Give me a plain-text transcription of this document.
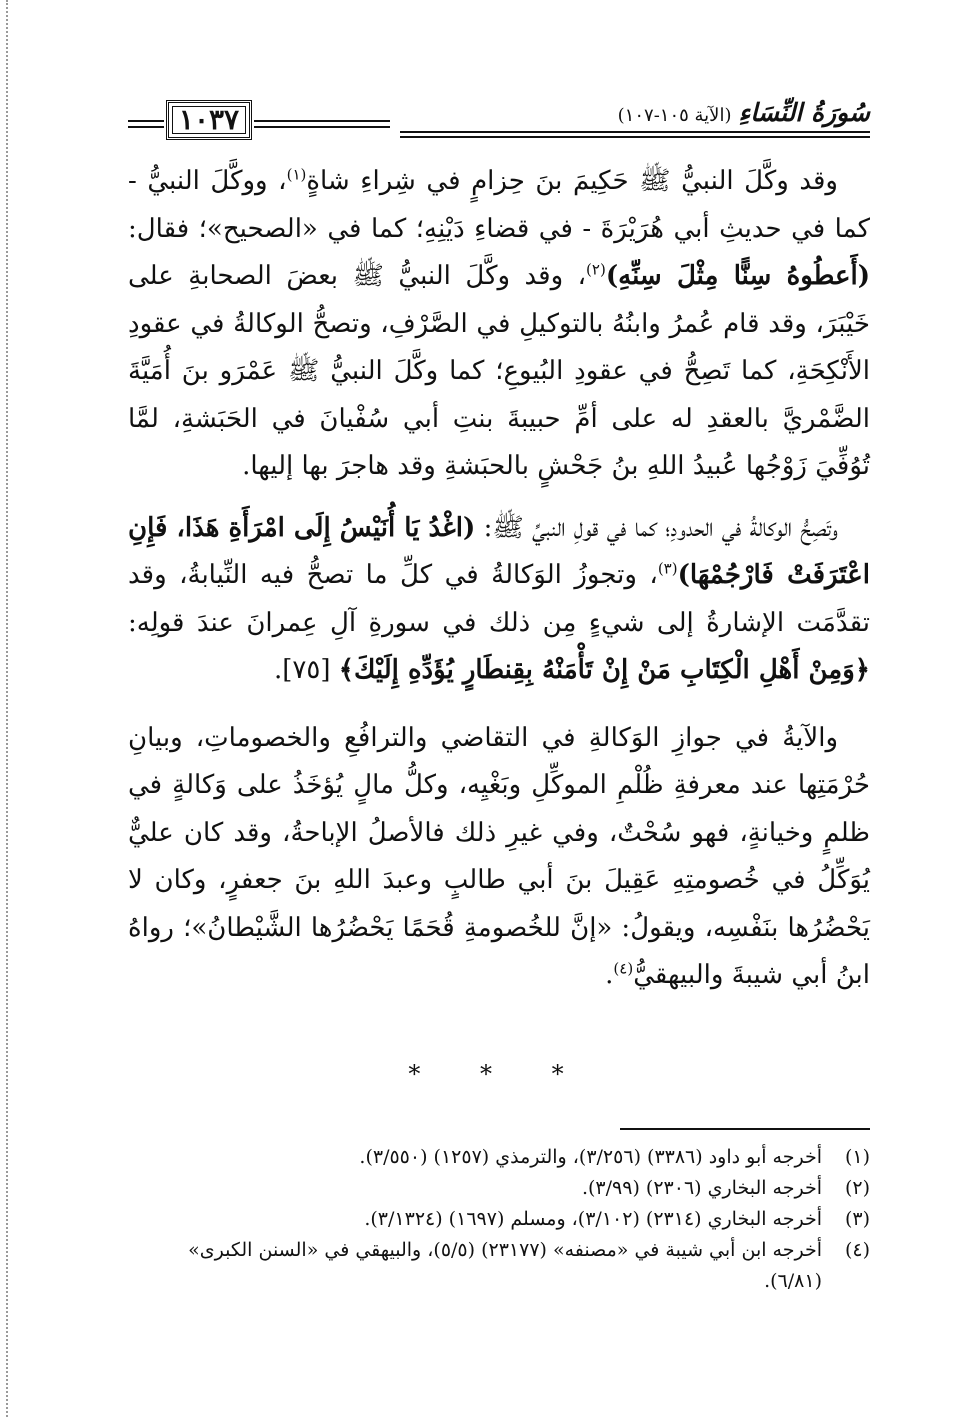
سُورَةُ النِّسَاءِ (الآية ١٠٥-١٠٧)
١٠٣٧

وقد وكَّلَ النبيُّ ﷺ حَكِيمَ بنَ حِزامٍ في شِراءِ شاةٍ$^{(١)}$، ووكَّلَ النبيُّ - كما في حديثِ أبي هُرَيْرَةَ - في قضاءِ دَيْنِهِ؛ كما في «الصحيح»؛ فقال: (أَعطُوهُ سِنًّا مِثْلَ سِنِّهِ)$^{(٢)}$، وقد وكَّلَ النبيُّ ﷺ بعضَ الصحابةِ على خَيْبَرَ، وقد قام عُمرُ وابنُهُ بالتوكيلِ في الصَّرْفِ، وتصحُّ الوكالةُ في عقودِ الأَنْكِحَةِ، كما تَصِحُّ في عقودِ البُيوعِ؛ كما وكَّلَ النبيُّ ﷺ عَمْرَو بنَ أُمَيَّةَ الضَّمْريَّ بالعقدِ له على أمِّ حبيبةَ بنتِ أبي سُفْيانَ في الحَبَشةِ، لمَّا تُوُفِّيَ زَوْجُها عُبيدُ اللهِ بنُ جَحْشٍ بالحبَشةِ وقد هاجرَ بها إليها.

وتَصِحُّ الوكالةُ في الحدودِ؛ كما في قولِ النبيِّ ﷺ: (اغْدُ يَا أُنَيْسُ إِلَى امْرَأَةِ هَذَا، فَإِنِ اعْتَرَفَتْ فَارْجُمْهَا)$^{(٣)}$، وتجوزُ الوَكالةُ في كلِّ ما تصحُّ فيه النِّيابةُ، وقد تقدَّمَت الإشارةُ إلى شيءٍ مِن ذلك في سورةِ آلِ عِمرانَ عندَ قولِه: ﴿وَمِنْ أَهْلِ الْكِتَابِ مَنْ إِنْ تَأْمَنْهُ بِقِنطَارٍ يُؤَدِّهِ إِلَيْكَ﴾ [٧٥].

والآيةُ في جوازِ الوَكالةِ في التقاضي والترافُعِ والخصوماتِ، وبيانِ حُرْمَتِها عند معرفةِ ظُلْمِ الموكِّلِ وبَغْيِه، وكلُّ مالٍ يُؤخَذُ على وَكالةٍ في ظلمٍ وخيانةٍ، فهو سُحْتٌ، وفي غيرِ ذلك فالأصلُ الإباحةُ، وقد كان عليٌّ يُوَكِّلُ في خُصومتِهِ عَقِيلَ بنَ أبي طالبٍ وعبدَ اللهِ بنَ جعفرٍ، وكان لا يَحْضُرُها بنَفْسِه، ويقولُ: «إنَّ للخُصومةِ قُحَمًا يَحْضُرُها الشَّيْطانُ»؛ رواهُ ابنُ أبي شيبةَ والبيهقيُّ$^{(٤)}$.

* * *

(١)
أخرجه أبو داود (٣٣٨٦) (٣/٢٥٦)، والترمذي (١٢٥٧) (٣/٥٥٠).

(٢)
أخرجه البخاري (٢٣٠٦) (٣/٩٩).

(٣)
أخرجه البخاري (٢٣١٤) (٣/١٠٢)، ومسلم (١٦٩٧) (٣/١٣٢٤).

(٤)
أخرجه ابن أبي شيبة في «مصنفه» (٢٣١٧٧) (٥/٥)، والبيهقي في «السنن الكبرى» (٦/٨١).
